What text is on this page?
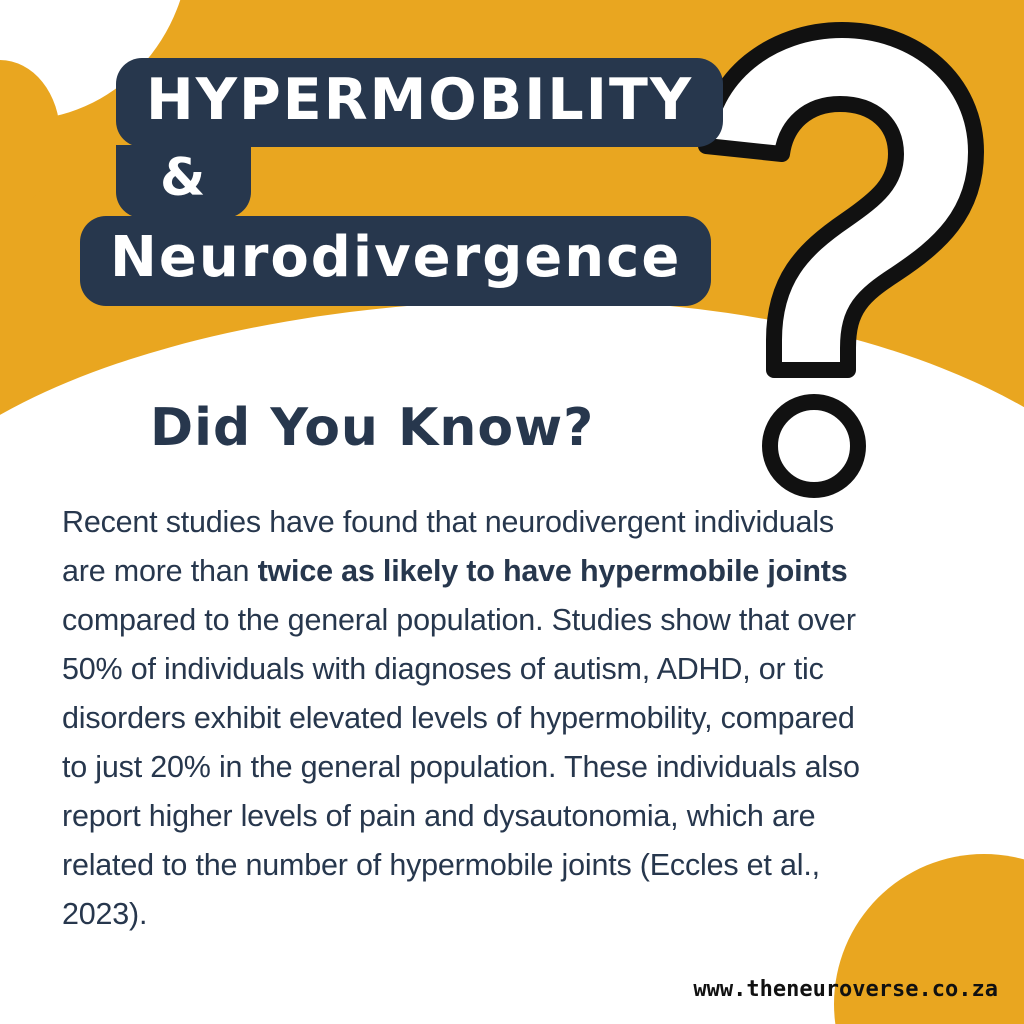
HYPERMOBILITY
&
Neurodivergence
Did You Know?
Recent studies have found that neurodivergent individuals are more than twice as likely to have hypermobile joints compared to the general population. Studies show that over 50% of individuals with diagnoses of autism, ADHD, or tic disorders exhibit elevated levels of hypermobility, compared to just 20% in the general population. These individuals also report higher levels of pain and dysautonomia, which are related to the number of hypermobile joints (Eccles et al., 2023).
www.theneuroverse.co.za
